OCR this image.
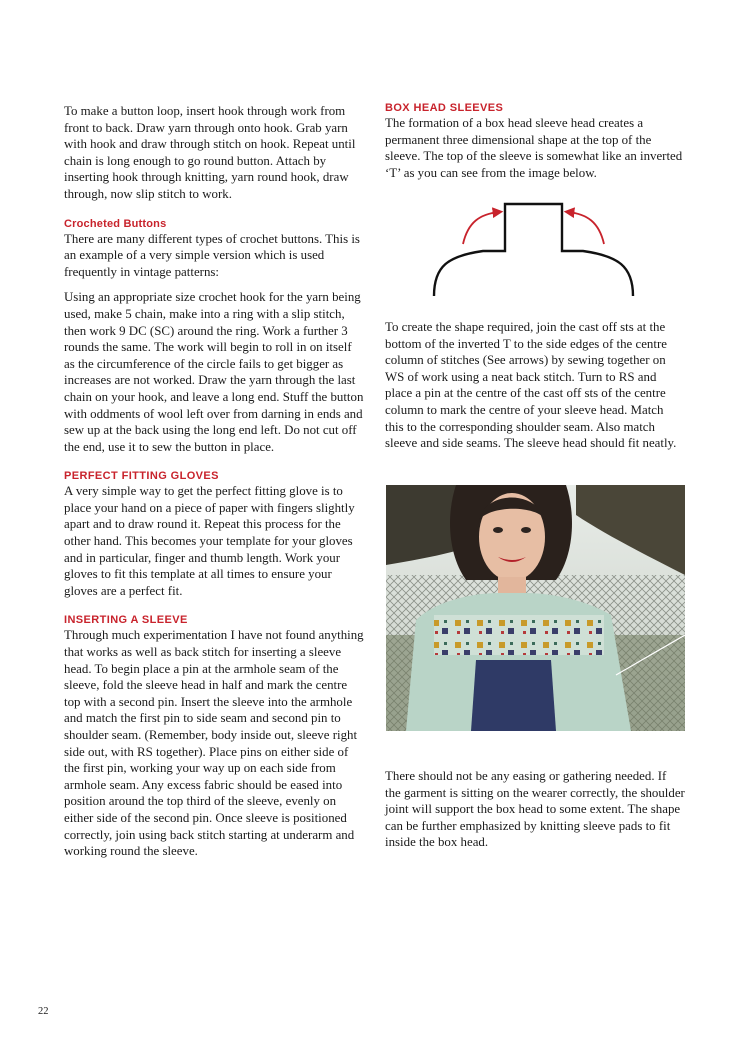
To make a button loop, insert hook through work from front to back. Draw yarn through onto hook. Grab yarn with hook and draw through stitch on hook. Repeat until chain is long enough to go round button. Attach by inserting hook through knitting, yarn round hook, draw through, now slip stitch to work.

Crocheted Buttons

There are many different types of crochet buttons. This is an example of a very simple version which is used frequently in vintage patterns:

Using an appropriate size crochet hook for the yarn being used, make 5 chain, make into a ring with a slip stitch, then work 9 DC (SC) around the ring. Work a further 3 rounds the same. The work will begin to roll in on itself as the circumference of the circle fails to get bigger as increases are not worked. Draw the yarn through the last chain on your hook, and leave a long end. Stuff the button with oddments of wool left over from darning in ends and sew up at the back using the long end left. Do not cut off the end, use it to sew the button in place.

PERFECT FITTING GLOVES

A very simple way to get the perfect fitting glove is to place your hand on a piece of paper with fingers slightly apart and to draw round it. Repeat this process for the other hand. This becomes your template for your gloves and in particular, finger and thumb length. Work your gloves to fit this template at all times to ensure your gloves are a perfect fit.

INSERTING A SLEEVE

Through much experimentation I have not found anything that works as well as back stitch for inserting a sleeve head. To begin place a pin at the armhole seam of the sleeve, fold the sleeve head in half and mark the centre top with a second pin. Insert the sleeve into the armhole and match the first pin to side seam and second pin to shoulder seam. (Remember, body inside out, sleeve right side out, with RS together). Place pins on either side of the first pin, working your way up on each side from armhole seam. Any excess fabric should be eased into position around the top third of the sleeve, evenly on either side of the second pin. Once sleeve is positioned correctly, join using back stitch starting at underarm and working round the sleeve.

BOX HEAD SLEEVES

The formation of a box head sleeve head creates a permanent three dimensional shape at the top of the sleeve. The top of the sleeve is somewhat like an inverted ‘T’ as you can see from the image below.

To create the shape required, join the cast off sts at the bottom of the inverted T to the side edges of the centre column of stitches (See arrows) by sewing together on WS of work using a neat back stitch. Turn to RS and place a pin at the centre of the cast off sts of the centre column to mark the centre of your sleeve head. Match this to the corresponding shoulder seam. Also match sleeve and side seams. The sleeve head should fit neatly.

There should not be any easing or gathering needed. If the garment is sitting on the wearer correctly, the shoulder joint will support the box head to some extent. The shape can be further emphasized by knitting sleeve pads to fit inside the box head.

22
